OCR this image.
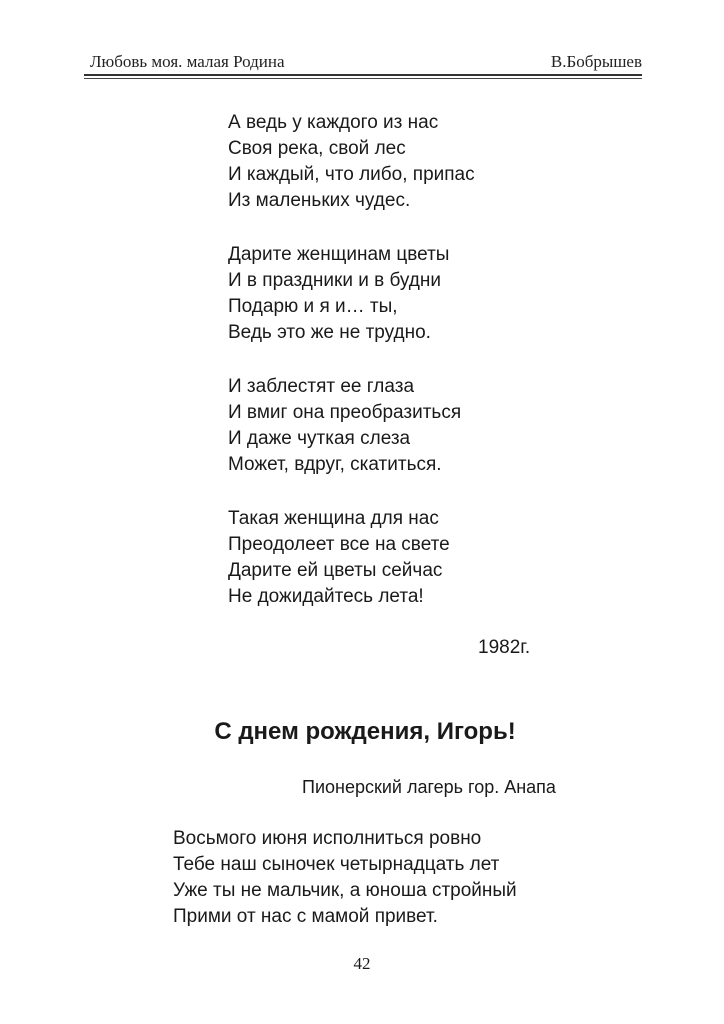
Любовь моя. малая Родина	В.Бобрышев
А ведь у каждого из нас
Своя река, свой лес
И каждый, что либо, припас
Из маленьких чудес.
Дарите женщинам цветы
И в праздники и в будни
Подарю и я и… ты,
Ведь это же не трудно.
И заблестят ее глаза
И вмиг она преобразиться
И даже чуткая слеза
Может, вдруг, скатиться.
Такая женщина для нас
Преодолеет все на свете
Дарите ей цветы сейчас
Не дожидайтесь лета!
1982г.
С днем рождения, Игорь!
Пионерский лагерь гор. Анапа
Восьмого июня исполниться ровно
Тебе наш сыночек четырнадцать лет
Уже ты не мальчик, а юноша стройный
Прими от нас с мамой привет.
42
